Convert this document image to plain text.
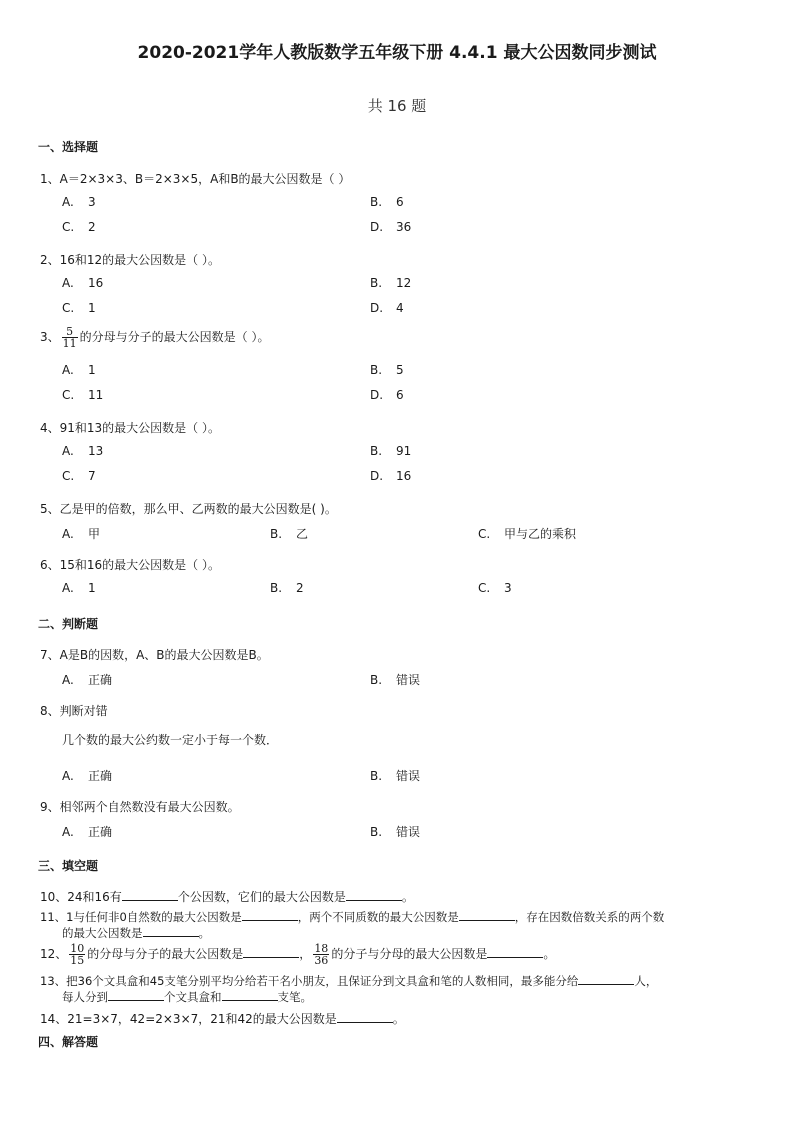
2020-2021学年人教版数学五年级下册 4.4.1 最大公因数同步测试
共 16 题
一、选择题
1、A＝2×3×3、B＝2×3×5，A和B的最大公因数是（ ）
A. 3	B. 6
C. 2	D. 36
2、16和12的最大公因数是（ ）。
A. 16	B. 12
C. 1	D. 4
3、 $\frac{5}{11}$ 的分母与分子的最大公因数是（ ）。
A. 1	B. 5
C. 11	D. 6
4、91和13的最大公因数是（ ）。
A. 13	B. 91
C. 7	D. 16
5、乙是甲的倍数，那么甲、乙两数的最大公因数是( )。
A. 甲	B. 乙	C. 甲与乙的乘积
6、15和16的最大公因数是（ ）。
A. 1	B. 2	C. 3
二、判断题
7、A是B的因数，A、B的最大公因数是B。
A. 正确	B. 错误
8、判断对错
几个数的最大公约数一定小于每一个数．
A. 正确	B. 错误
9、相邻两个自然数没有最大公因数。
A. 正确	B. 错误
三、填空题
10、24和16有	个公因数，它们的最大公因数是	。
11、1与任何非0自然数的最大公因数是	，两个不同质数的最大公因数是	，存在因数倍数关系的两个数
的最大公因数是	。
12、 $\frac{10}{15}$ 的分母与分子的最大公因数是	， $\frac{18}{36}$ 的分子与分母的最大公因数是	。
13、把36个文具盒和45支笔分别平均分给若干名小朋友，且保证分到文具盒和笔的人数相同，最多能分给	人，
每人分到	个文具盒和	支笔。
14、21=3×7，42=2×3×7，21和42的最大公因数是	。
四、解答题
